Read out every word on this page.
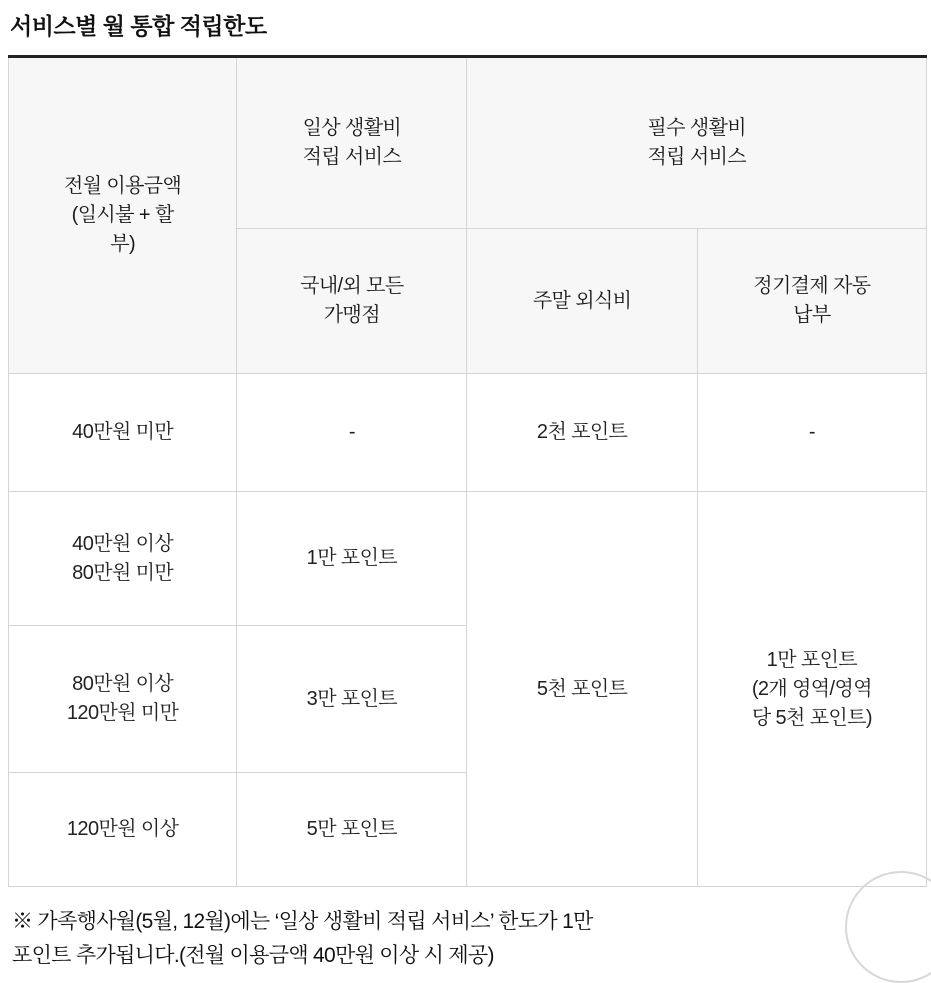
서비스별 월 통합 적립한도
전월 이용금액
(일시불 + 할
부)	일상 생활비
적립 서비스	필수 생활비
적립 서비스	
	국내/외 모든
가맹점	주말 외식비	정기결제 자동
납부
40만원 미만	-	2천 포인트	-
40만원 이상
80만원 미만	1만 포인트	5천 포인트	1만 포인트
(2개 영역/영역
당 5천 포인트)
80만원 이상
120만원 미만	3만 포인트		
120만원 이상	5만 포인트		
※ 가족행사월(5월, 12월)에는 ‘일상 생활비 적립 서비스’ 한도가 1만
포인트 추가됩니다.(전월 이용금액 40만원 이상 시 제공)
